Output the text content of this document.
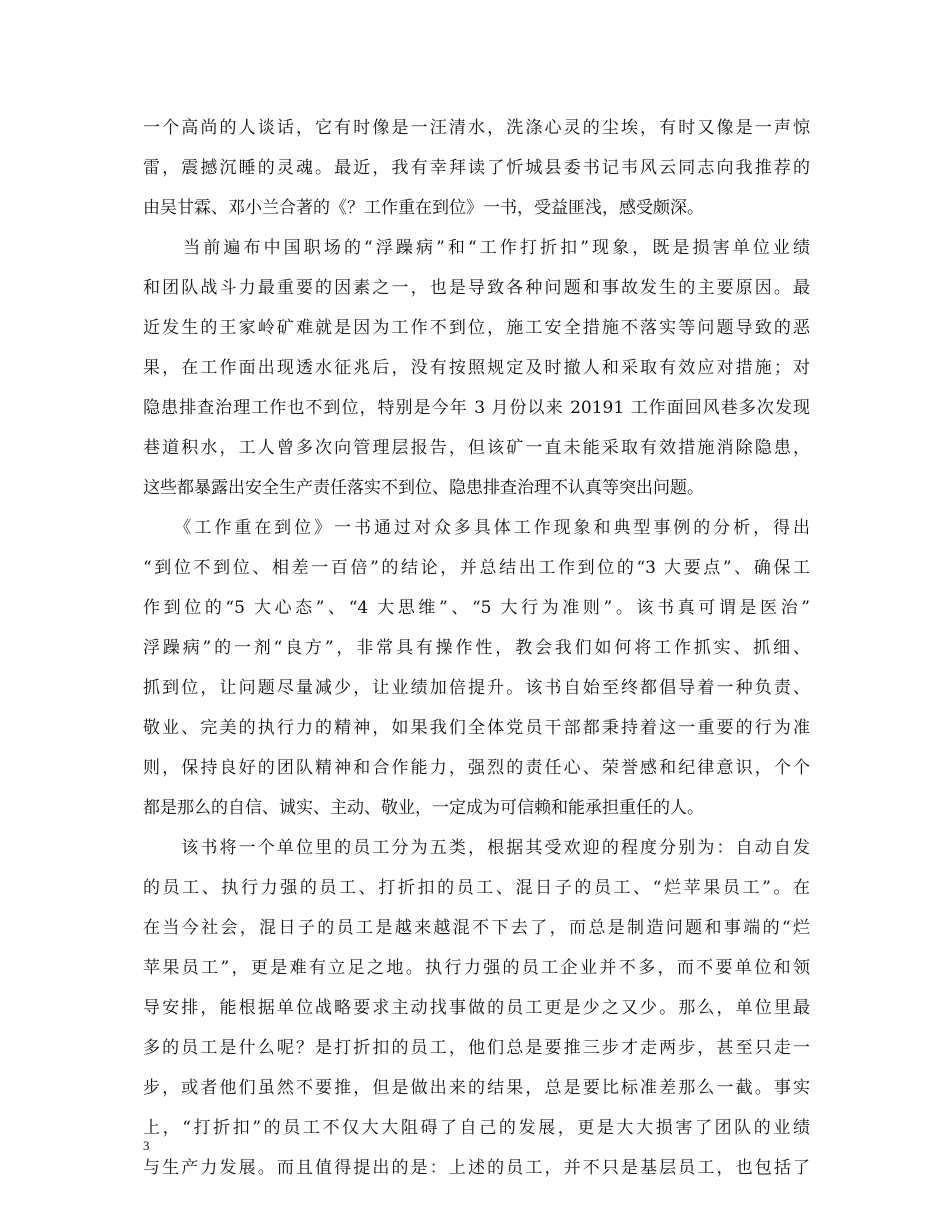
一个高尚的人谈话，它有时像是一汪清水，洗涤心灵的尘埃，有时又像是一声惊
雷，震撼沉睡的灵魂。最近，我有幸拜读了忻城县委书记韦风云同志向我推荐的
由吴甘霖、邓小兰合著的《？工作重在到位》一书，受益匪浅，感受颇深。
　　当前遍布中国职场的“浮躁病”和“工作打折扣”现象，既是损害单位业绩
和团队战斗力最重要的因素之一，也是导致各种问题和事故发生的主要原因。最
近发生的王家岭矿难就是因为工作不到位，施工安全措施不落实等问题导致的恶
果，在工作面出现透水征兆后，没有按照规定及时撤人和采取有效应对措施；对
隐患排查治理工作也不到位，特别是今年 3 月份以来 20191 工作面回风巷多次发现
巷道积水，工人曾多次向管理层报告，但该矿一直未能采取有效措施消除隐患，
这些都暴露出安全生产责任落实不到位、隐患排查治理不认真等突出问题。
　　《工作重在到位》一书通过对众多具体工作现象和典型事例的分析，得出
“到位不到位、相差一百倍”的结论，并总结出工作到位的“3 大要点”、确保工
作到位的“5 大心态”、“4 大思维”、“5 大行为准则”。该书真可谓是医治”
浮躁病”的一剂“良方”，非常具有操作性，教会我们如何将工作抓实、抓细、
抓到位，让问题尽量减少，让业绩加倍提升。该书自始至终都倡导着一种负责、
敬业、完美的执行力的精神，如果我们全体党员干部都秉持着这一重要的行为准
则，保持良好的团队精神和合作能力，强烈的责任心、荣誉感和纪律意识，个个
都是那么的自信、诚实、主动、敬业，一定成为可信赖和能承担重任的人。
　　该书将一个单位里的员工分为五类，根据其受欢迎的程度分别为：自动自发
的员工、执行力强的员工、打折扣的员工、混日子的员工、“烂苹果员工”。在
在当今社会，混日子的员工是越来越混不下去了，而总是制造问题和事端的“烂
苹果员工”，更是难有立足之地。执行力强的员工企业并不多，而不要单位和领
导安排，能根据单位战略要求主动找事做的员工更是少之又少。那么，单位里最
多的员工是什么呢？是打折扣的员工，他们总是要推三步才走两步，甚至只走一
步，或者他们虽然不要推，但是做出来的结果，总是要比标准差那么一截。事实
上，“打折扣”的员工不仅大大阻碍了自己的发展，更是大大损害了团队的业绩
与生产力发展。而且值得提出的是：上述的员工，并不只是基层员工，也包括了
3
